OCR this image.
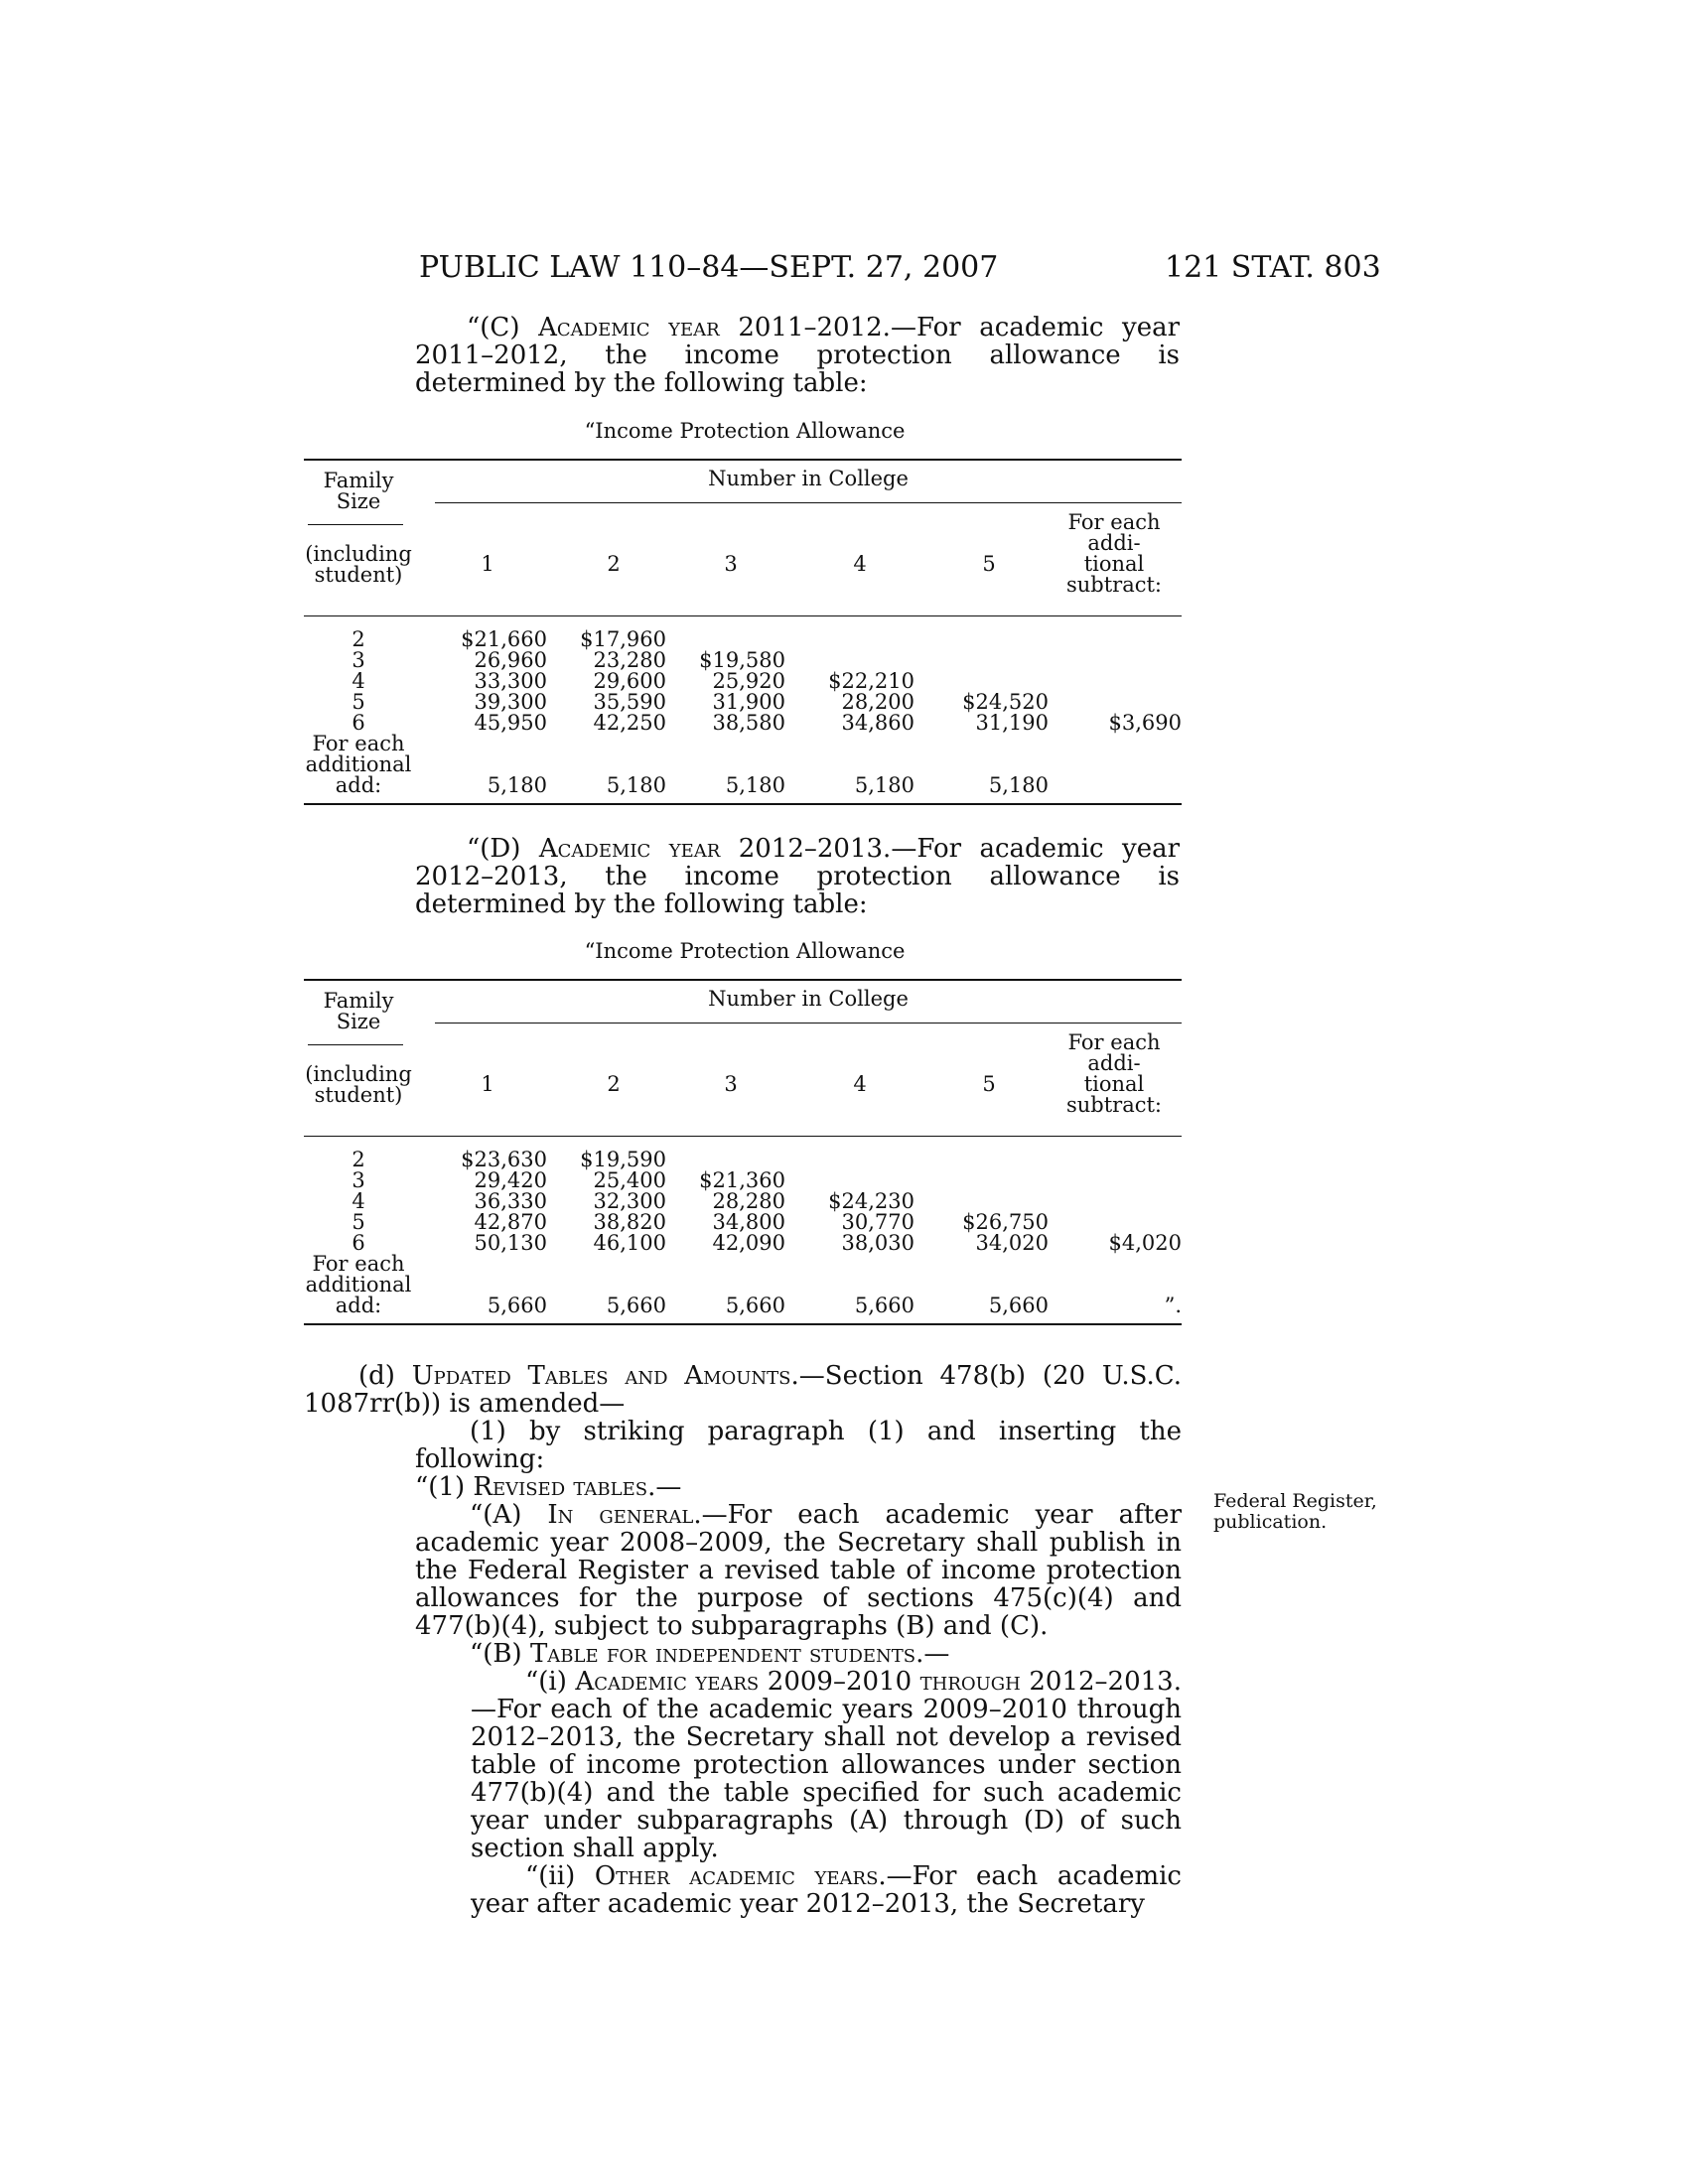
PUBLIC LAW 110–84—SEPT. 27, 2007	121 STAT. 803

“(C) Academic year 2011–2012.—For academic year 2011–2012, the income protection allowance is determined by the following table:

“Income Protection Allowance
Family
Size
(including
student)
Number in College
1	2	3	4	5
For each
addi-
tional
subtract:
2	$21,660	$17,960
3	26,960	23,280	$19,580
4	33,300	29,600	25,920	$22,210
5	39,300	35,590	31,900	28,200	$24,520
6	45,950	42,250	38,580	34,860	31,190	$3,690
For each
additional
add:	5,180	5,180	5,180	5,180	5,180

“(D) Academic year 2012–2013.—For academic year 2012–2013, the income protection allowance is determined by the following table:

“Income Protection Allowance
Family
Size
(including
student)
Number in College
1	2	3	4	5
For each
addi-
tional
subtract:
2	$23,630	$19,590
3	29,420	25,400	$21,360
4	36,330	32,300	28,280	$24,230
5	42,870	38,820	34,800	30,770	$26,750
6	50,130	46,100	42,090	38,030	34,020	$4,020
For each
additional
add:	5,660	5,660	5,660	5,660	5,660	”.

(d) Updated Tables and Amounts.—Section 478(b) (20 U.S.C. 1087rr(b)) is amended—

(1) by striking paragraph (1) and inserting the following:

“(1) Revised tables.—

“(A) In general.—For each academic year after academic year 2008–2009, the Secretary shall publish in the Federal Register a revised table of income protection allowances for the purpose of sections 475(c)(4) and 477(b)(4), subject to subparagraphs (B) and (C).

“(B) Table for independent students.—

“(i) Academic years 2009–2010 through 2012–2013.—For each of the academic years 2009–2010 through 2012–2013, the Secretary shall not develop a revised table of income protection allowances under section 477(b)(4) and the table specified for such academic year under subparagraphs (A) through (D) of such section shall apply.

“(ii) Other academic years.—For each academic year after academic year 2012–2013, the Secretary

Federal Register,
publication.
